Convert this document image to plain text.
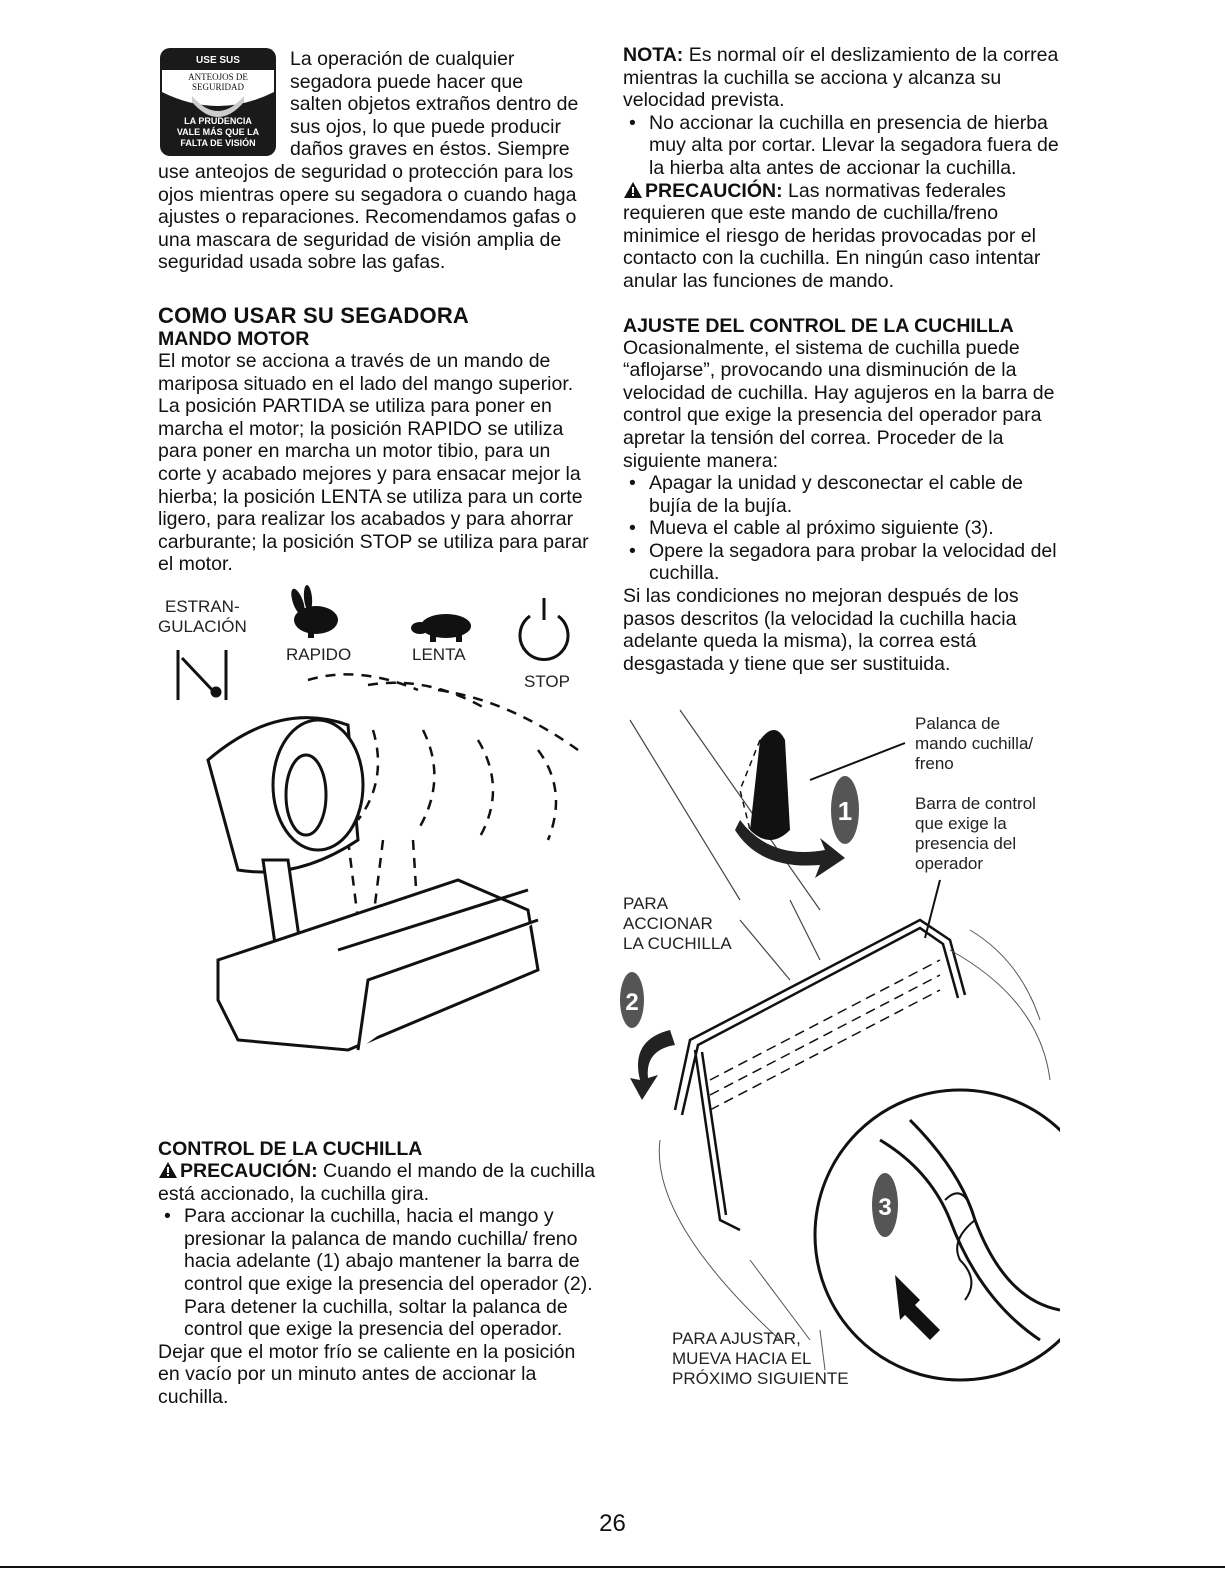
USE SUS
ANTEOJOS DE
SEGURIDAD
LA PRUDENCIA
VALE MÁS QUE LA
FALTA DE VISIÓN

La operación de cualquier

segadora puede hacer que

salten objetos extraños dentro de

sus ojos, lo que puede producir

daños graves en éstos. Siempre

use anteojos de seguridad o protección para los ojos mientras opere su segadora o cuando haga ajustes o reparaciones. Recomendamos gafas o una mascara de seguridad de visión amplia de seguridad usada sobre las gafas.

COMO USAR SU SEGADORA

MANDO MOTOR

El motor se acciona a través de un mando de mariposa situado en el lado del mango superior. La posición PARTIDA se utiliza para poner en marcha el motor; la posición RAPIDO se utiliza para poner en marcha un motor tibio, para un corte y acabado mejores y para ensacar mejor la hierba; la posición LENTA se utiliza para un corte ligero, para realizar los acabados y para ahorrar carburante; la posición STOP se utiliza para parar el motor.

ESTRAN-
GULACIÓN
RAPIDO	LENTA
STOP

CONTROL DE LA CUCHILLA

PRECAUCIÓN: Cuando el mando de la cuchilla está accionado, la cuchilla gira.

• Para accionar la cuchilla, hacia el mango y presionar la palanca de mando cuchilla/ freno hacia adelante (1) abajo mantener la barra de control que exige la presencia del operador (2). Para detener la cuchilla, soltar la palanca de control que exige la presencia del operador.

Dejar que el motor frío se caliente en la posición en vacío por un minuto antes de accionar la cuchilla.

NOTA: Es normal oír el deslizamiento de la correa mientras la cuchilla se acciona y alcanza su velocidad prevista.

• No accionar la cuchilla en presencia de hierba muy alta por cortar. Llevar la segadora fuera de la hierba alta antes de accionar la cuchilla.

PRECAUCIÓN: Las normativas federales requieren que este mando de cuchilla/freno minimice el riesgo de heridas provocadas por el contacto con la cuchilla. En ningún caso intentar anular las funciones de mando.

AJUSTE DEL CONTROL DE LA CUCHILLA

Ocasionalmente, el sistema de cuchilla puede “aflojarse”, provocando una disminución de la velocidad de cuchilla. Hay agujeros en la barra de control que exige la presencia del operador para apretar la tensión del correa. Proceder de la siguiente manera:

• Apagar la unidad y desconectar el cable de bujía de la bujía.

• Mueva el cable al próximo siguiente (3).

• Opere la segadora para probar la velocidad del cuchilla.

Si las condiciones no mejoran después de los pasos descritos (la velocidad la cuchilla hacia adelante queda la misma), la correa está desgastada y tiene que ser sustituida.

1
2
3
Palanca de
mando cuchilla/
freno
Barra de control
que exige la
presencia del
operador
PARA
ACCIONAR
LA CUCHILLA
PARA AJUSTAR,
MUEVA HACIA EL
PRÓXIMO SIGUIENTE
26
